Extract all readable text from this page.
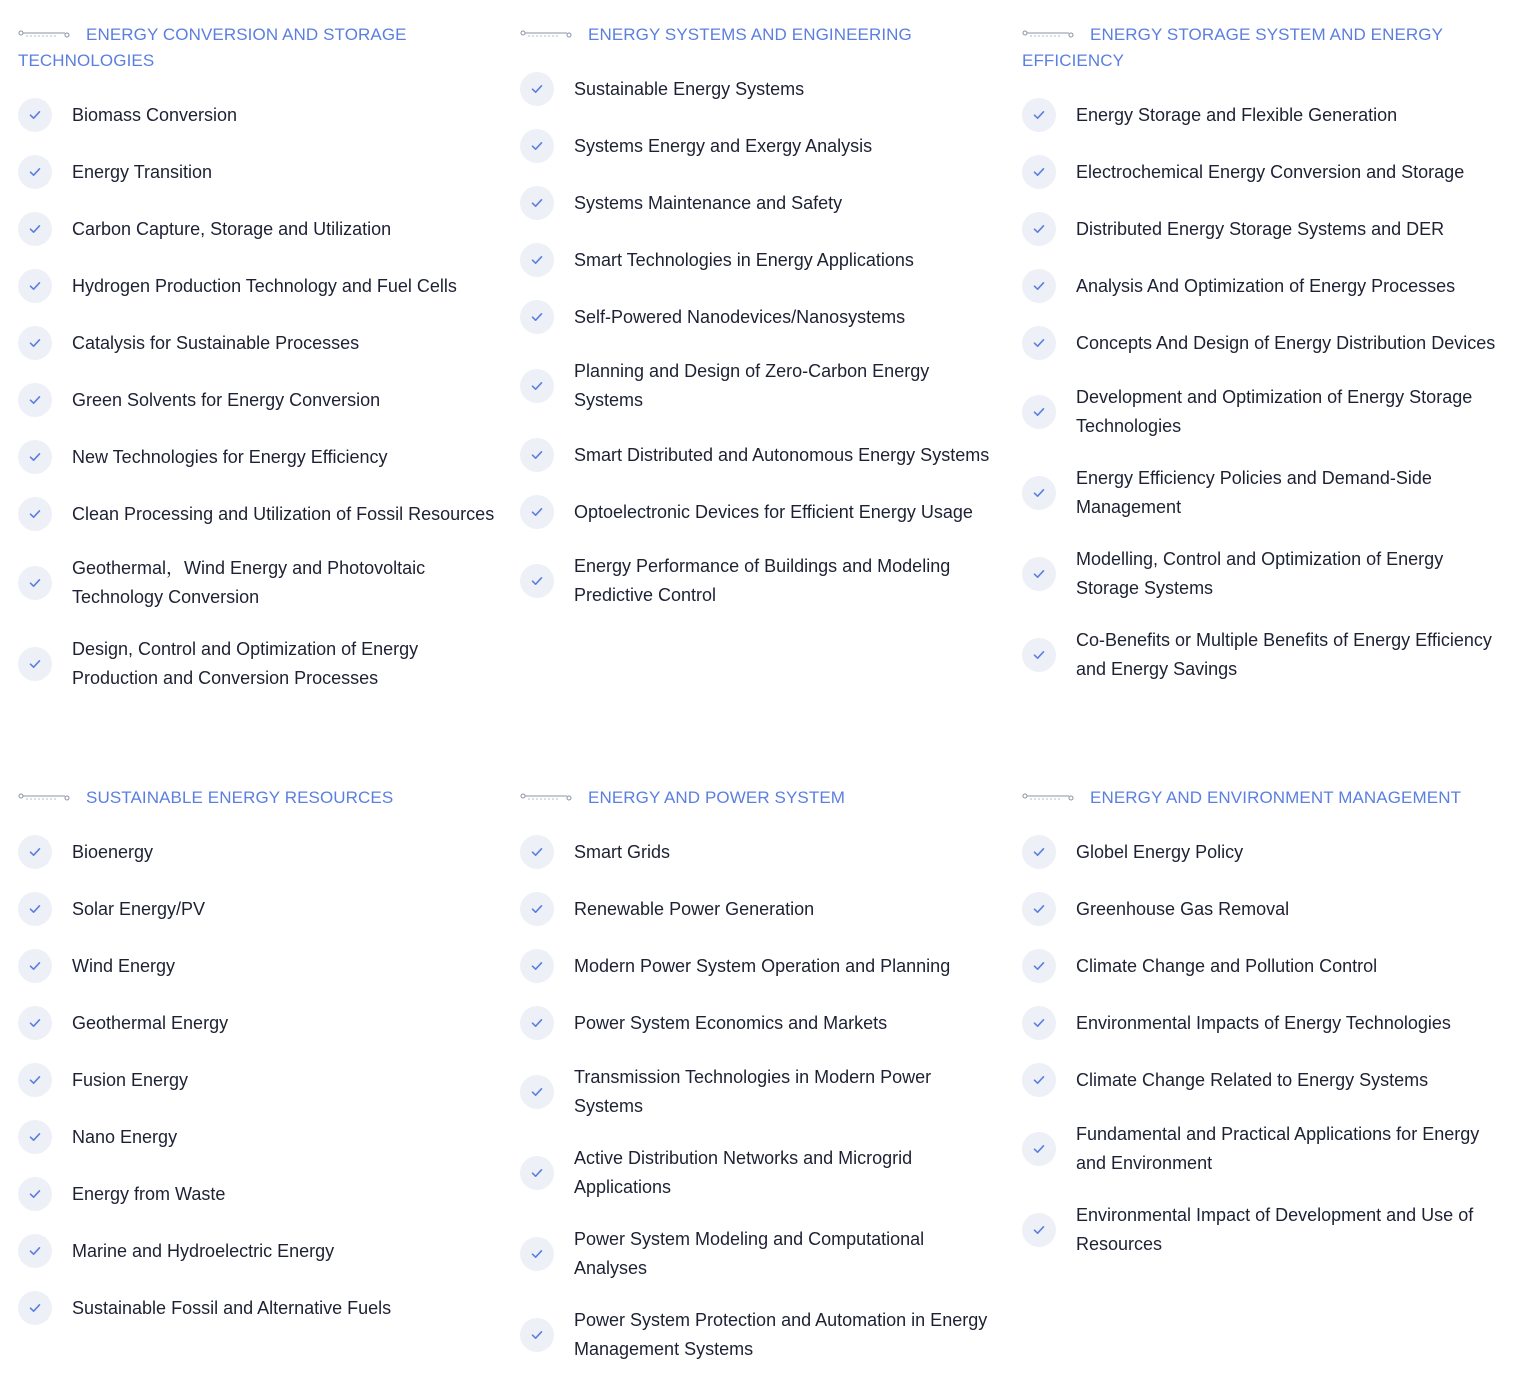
ENERGY CONVERSION AND STORAGE TECHNOLOGIES
Biomass Conversion
Energy Transition
Carbon Capture, Storage and Utilization
Hydrogen Production Technology and Fuel Cells
Catalysis for Sustainable Processes
Green Solvents for Energy Conversion
New Technologies for Energy Efficiency
Clean Processing and Utilization of Fossil Resources
Geothermal，Wind Energy and Photovoltaic Technology Conversion
Design, Control and Optimization of Energy Production and Conversion Processes
ENERGY SYSTEMS AND ENGINEERING
Sustainable Energy Systems
Systems Energy and Exergy Analysis
Systems Maintenance and Safety
Smart Technologies in Energy Applications
Self-Powered Nanodevices/Nanosystems
Planning and Design of Zero-Carbon Energy Systems
Smart Distributed and Autonomous Energy Systems
Optoelectronic Devices for Efficient Energy Usage
Energy Performance of Buildings and Modeling Predictive Control
ENERGY STORAGE SYSTEM AND ENERGY EFFICIENCY
Energy Storage and Flexible Generation
Electrochemical Energy Conversion and Storage
Distributed Energy Storage Systems and DER
Analysis And Optimization of Energy Processes
Concepts And Design of Energy Distribution Devices
Development and Optimization of Energy Storage Technologies
Energy Efficiency Policies and Demand-Side Management
Modelling, Control and Optimization of Energy Storage Systems
Co-Benefits or Multiple Benefits of Energy Efficiency and Energy Savings
SUSTAINABLE ENERGY RESOURCES
Bioenergy
Solar Energy/PV
Wind Energy
Geothermal Energy
Fusion Energy
Nano Energy
Energy from Waste
Marine and Hydroelectric Energy
Sustainable Fossil and Alternative Fuels
ENERGY AND POWER SYSTEM
Smart Grids
Renewable Power Generation
Modern Power System Operation and Planning
Power System Economics and Markets
Transmission Technologies in Modern Power Systems
Active Distribution Networks and Microgrid Applications
Power System Modeling and Computational Analyses
Power System Protection and Automation in Energy Management Systems
ENERGY AND ENVIRONMENT MANAGEMENT
Globel Energy Policy
Greenhouse Gas Removal
Climate Change and Pollution Control
Environmental Impacts of Energy Technologies
Climate Change Related to Energy Systems
Fundamental and Practical Applications for Energy and Environment
Environmental Impact of Development and Use of Resources
